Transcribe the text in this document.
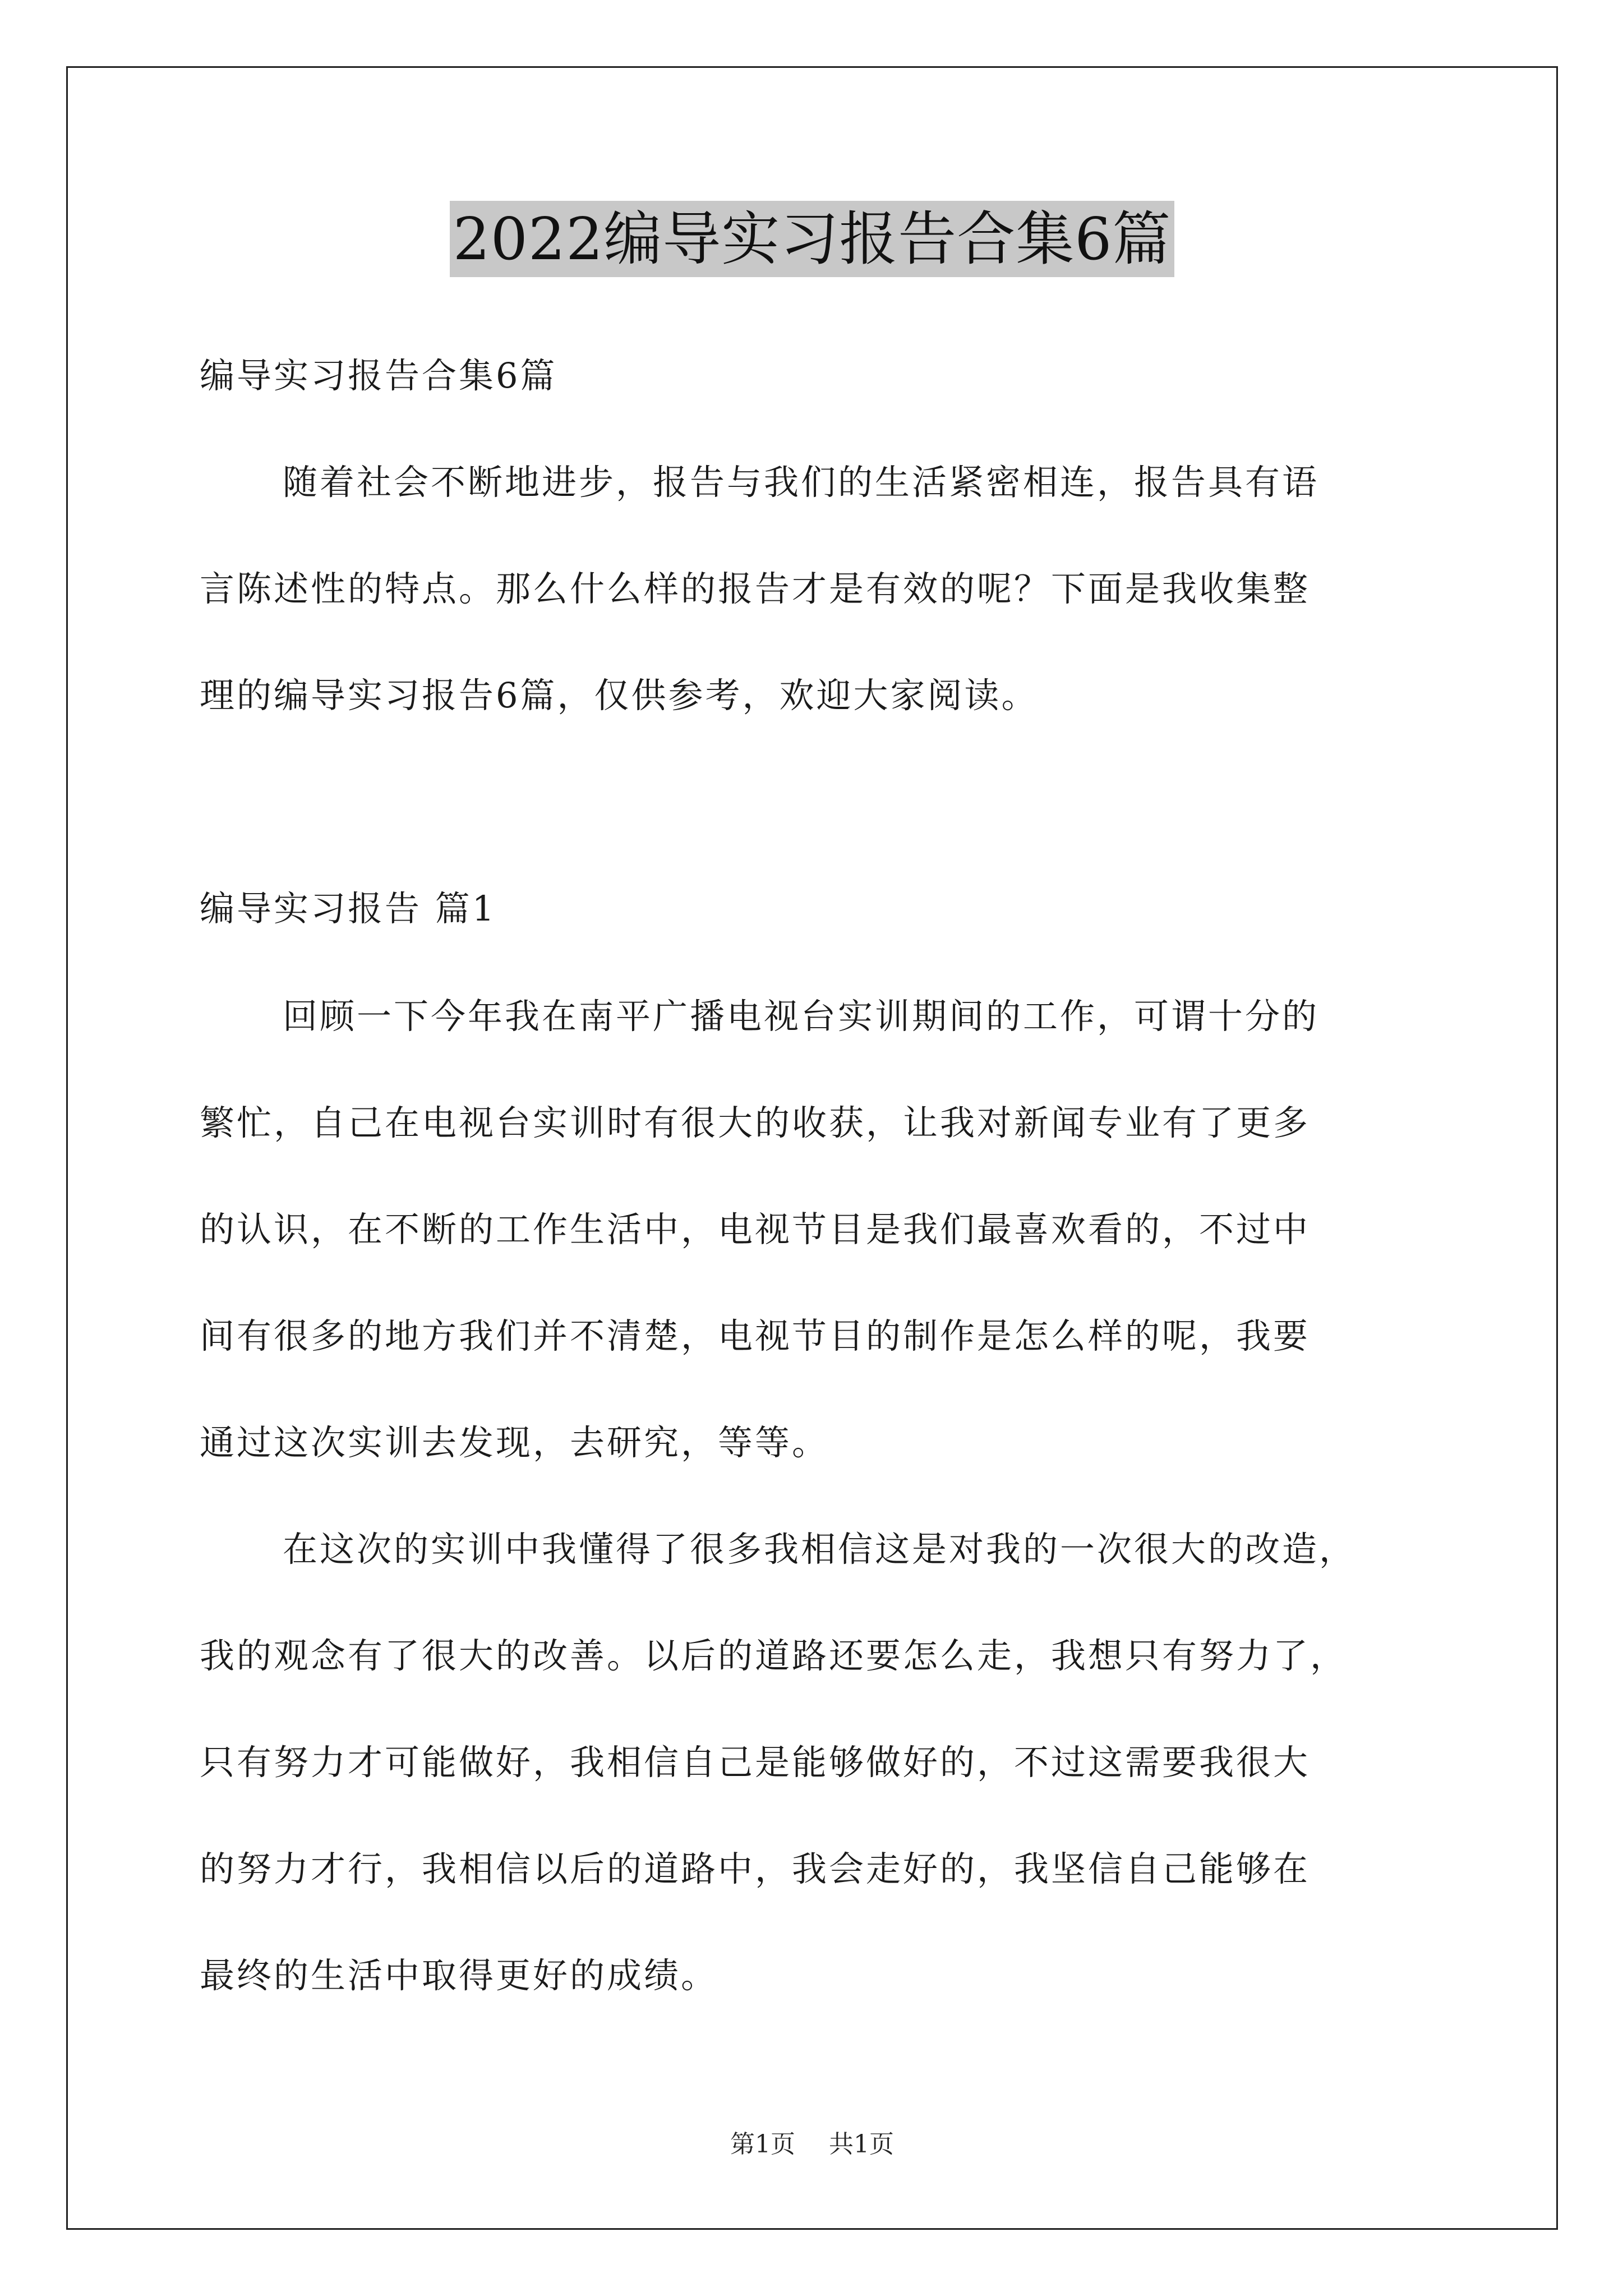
2022编导实习报告合集6篇
编导实习报告合集6篇
随着社会不断地进步，报告与我们的生活紧密相连，报告具有语
言陈述性的特点。那么什么样的报告才是有效的呢？下面是我收集整
理的编导实习报告6篇，仅供参考，欢迎大家阅读。
编导实习报告 篇1
回顾一下今年我在南平广播电视台实训期间的工作，可谓十分的
繁忙，自己在电视台实训时有很大的收获，让我对新闻专业有了更多
的认识，在不断的工作生活中，电视节目是我们最喜欢看的，不过中
间有很多的地方我们并不清楚，电视节目的制作是怎么样的呢，我要
通过这次实训去发现，去研究，等等。
在这次的实训中我懂得了很多我相信这是对我的一次很大的改造，
我的观念有了很大的改善。以后的道路还要怎么走，我想只有努力了，
只有努力才可能做好，我相信自己是能够做好的，不过这需要我很大
的努力才行，我相信以后的道路中，我会走好的，我坚信自己能够在
最终的生活中取得更好的成绩。
第1页 共1页
